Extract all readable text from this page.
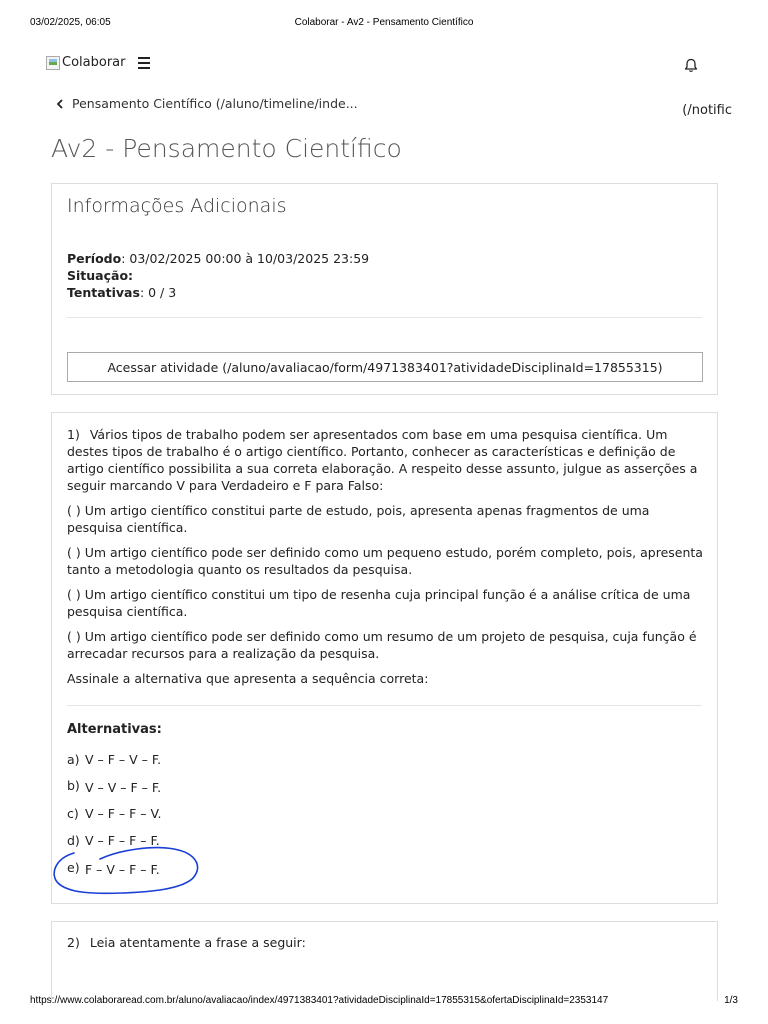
03/02/2025, 06:05	Colaborar - Av2 - Pensamento Científico
Colaborar
Pensamento Científico (/aluno/timeline/inde...	(/notific
Av2 - Pensamento Científico
Informações Adicionais
Período: 03/02/2025 00:00 à 10/03/2025 23:59
Situação:
Tentativas: 0 / 3
Acessar atividade (/aluno/avaliacao/form/4971383401?atividadeDisciplinaId=17855315)

1) Vários tipos de trabalho podem ser apresentados com base em uma pesquisa científica. Um destes tipos de trabalho é o artigo científico. Portanto, conhecer as características e definição de artigo científico possibilita a sua correta elaboração. A respeito desse assunto, julgue as asserções a seguir marcando V para Verdadeiro e F para Falso:

( ) Um artigo científico constitui parte de estudo, pois, apresenta apenas fragmentos de uma pesquisa científica.

( ) Um artigo científico pode ser definido como um pequeno estudo, porém completo, pois, apresenta tanto a metodologia quanto os resultados da pesquisa.

( ) Um artigo científico constitui um tipo de resenha cuja principal função é a análise crítica de uma pesquisa científica.

( ) Um artigo científico pode ser definido como um resumo de um projeto de pesquisa, cuja função é arrecadar recursos para a realização da pesquisa.

Assinale a alternativa que apresenta a sequência correta:

Alternativas:
a) V – F – V – F.
b) V – V – F – F.
c) V – F – F – V.
d) V – F – F – F.
e) F – V – F – F.
2) Leia atentamente a frase a seguir:
https://www.colaboraread.com.br/aluno/avaliacao/index/4971383401?atividadeDisciplinaId=17855315&ofertaDisciplinaId=2353147	1/3
